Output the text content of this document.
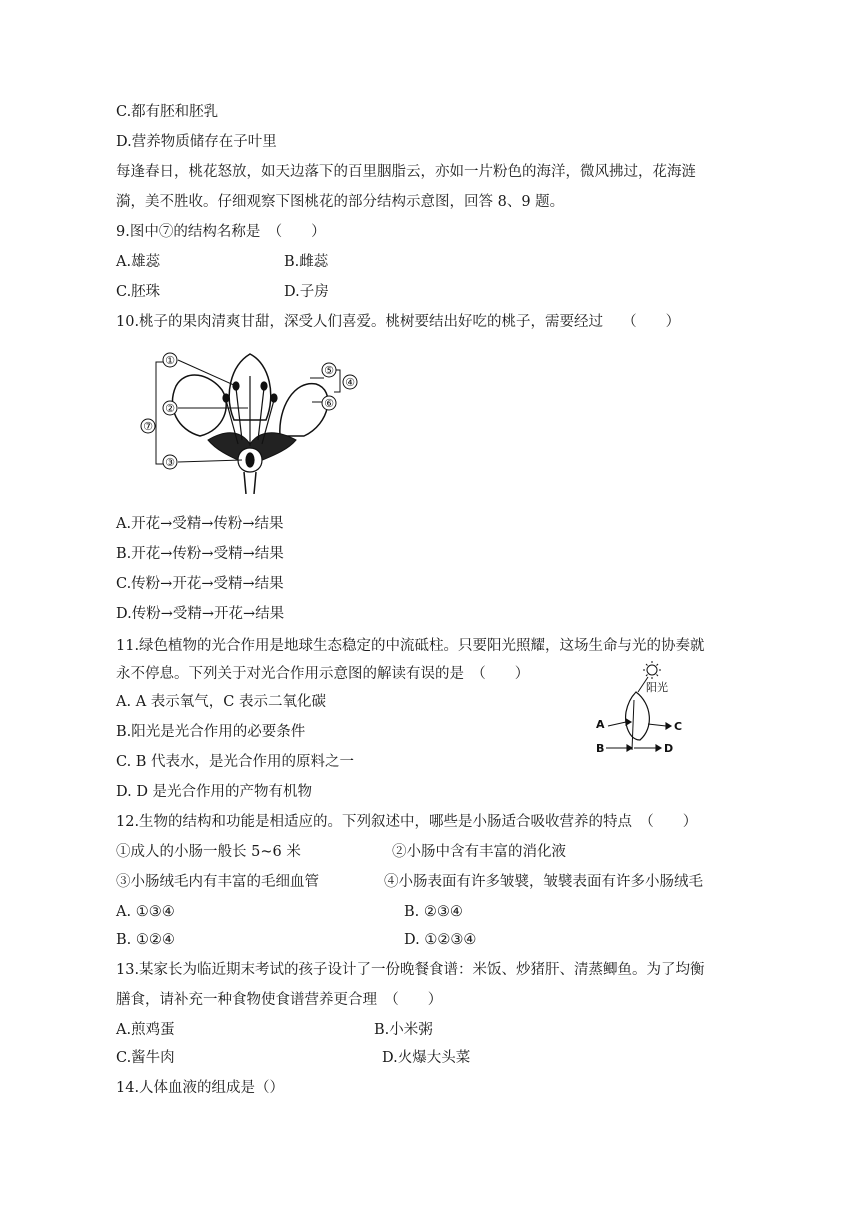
C.都有胚和胚乳
D.营养物质储存在子叶里
每逢春日，桃花怒放，如天边落下的百里胭脂云，亦如一片粉色的海洋，微风拂过，花海涟
漪，美不胜收。仔细观察下图桃花的部分结构示意图，回答 8、9 题。
9.图中⑦的结构名称是　（　　）
A.雄蕊	B.雌蕊
C.胚珠	D.子房
10.桃子的果肉清爽甘甜，深受人们喜爱。桃树要结出好吃的桃子，需要经过　 （　　）
①
②
③
⑦
⑤
⑥
④
A.开花→受精→传粉→结果
B.开花→传粉→受精→结果
C.传粉→开花→受精→结果
D.传粉→受精→开花→结果
11.绿色植物的光合作用是地球生态稳定的中流砥柱。只要阳光照耀，这场生命与光的协奏就
永不停息。下列关于对光合作用示意图的解读有误的是　（　　）
A. A 表示氧气，C 表示二氧化碳
B.阳光是光合作用的必要条件
C. B 代表水，是光合作用的原料之一
D. D 是光合作用的产物有机物
阳光
A	C
B	D
12.生物的结构和功能是相适应的。下列叙述中，哪些是小肠适合吸收营养的特点　（　　）
①成人的小肠一般长 5~6 米	②小肠中含有丰富的消化液
③小肠绒毛内有丰富的毛细血管	④小肠表面有许多皱襞，皱襞表面有许多小肠绒毛
A. ①③④	B. ②③④
B. ①②④	D. ①②③④
13.某家长为临近期末考试的孩子设计了一份晚餐食谱：米饭、炒猪肝、清蒸鲫鱼。为了均衡
膳食，请补充一种食物使食谱营养更合理　（　　）
A.煎鸡蛋	B.小米粥
C.酱牛肉	D.火爆大头菜
14.人体血液的组成是（）
